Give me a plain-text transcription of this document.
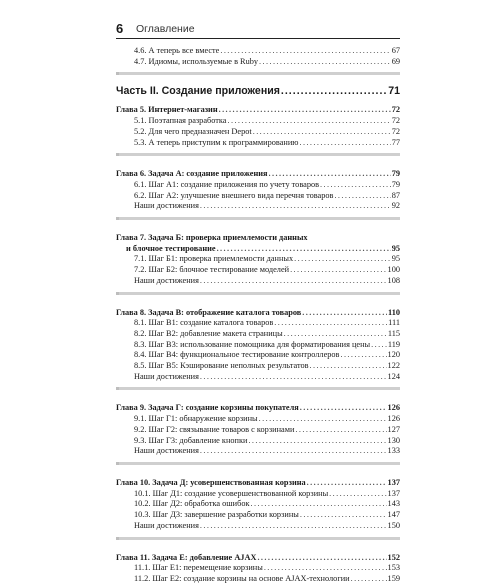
6 Оглавление
4.6. А теперь все вместе .....	67
4.7. Идиомы, используемые в Ruby .....	69
Часть II. Создание приложения .....	71
Глава 5. Интернет-магазин .....	72
5.1. Поэтапная разработка .....	72
5.2. Для чего предназначен Depot .....	72
5.3. А теперь приступим к программированию .....	77
Глава 6. Задача А: создание приложения .....	79
6.1. Шаг А1: создание приложения по учету товаров .....	79
6.2. Шаг А2: улучшение внешнего вида перечня товаров .....	87
Наши достижения .....	92
Глава 7. Задача Б: проверка приемлемости данных
и блочное тестирование .....	95
7.1. Шаг Б1: проверка приемлемости данных .....	95
7.2. Шаг Б2: блочное тестирование моделей .....	100
Наши достижения .....	108
Глава 8. Задача В: отображение каталога товаров .....	110
8.1. Шаг В1: создание каталога товаров .....	111
8.2. Шаг В2: добавление макета страницы .....	115
8.3. Шаг В3: использование помощника для форматирования цены ..... 119
8.4. Шаг В4: функциональное тестирование контроллеров .....	120
8.5. Шаг В5: Кэширование неполных результатов .....	122
Наши достижения .....	124
Глава 9. Задача Г: создание корзины покупателя .....	126
9.1. Шаг Г1: обнаружение корзины .....	126
9.2. Шаг Г2: связывание товаров с корзинами .....	127
9.3. Шаг Г3: добавление кнопки .....	130
Наши достижения .....	133
Глава 10. Задача Д: усовершенствованная корзина .....	137
10.1. Шаг Д1: создание усовершенствованной корзины .....	137
10.2. Шаг Д2: обработка ошибок .....	143
10.3. Шаг Д3: завершение разработки корзины .....	147
Наши достижения .....	150
Глава 11. Задача Е: добавление AJAX .....	152
11.1. Шаг Е1: перемещение корзины .....	153
11.2. Шаг Е2: создание корзины на основе AJAX-технологии .....	159
